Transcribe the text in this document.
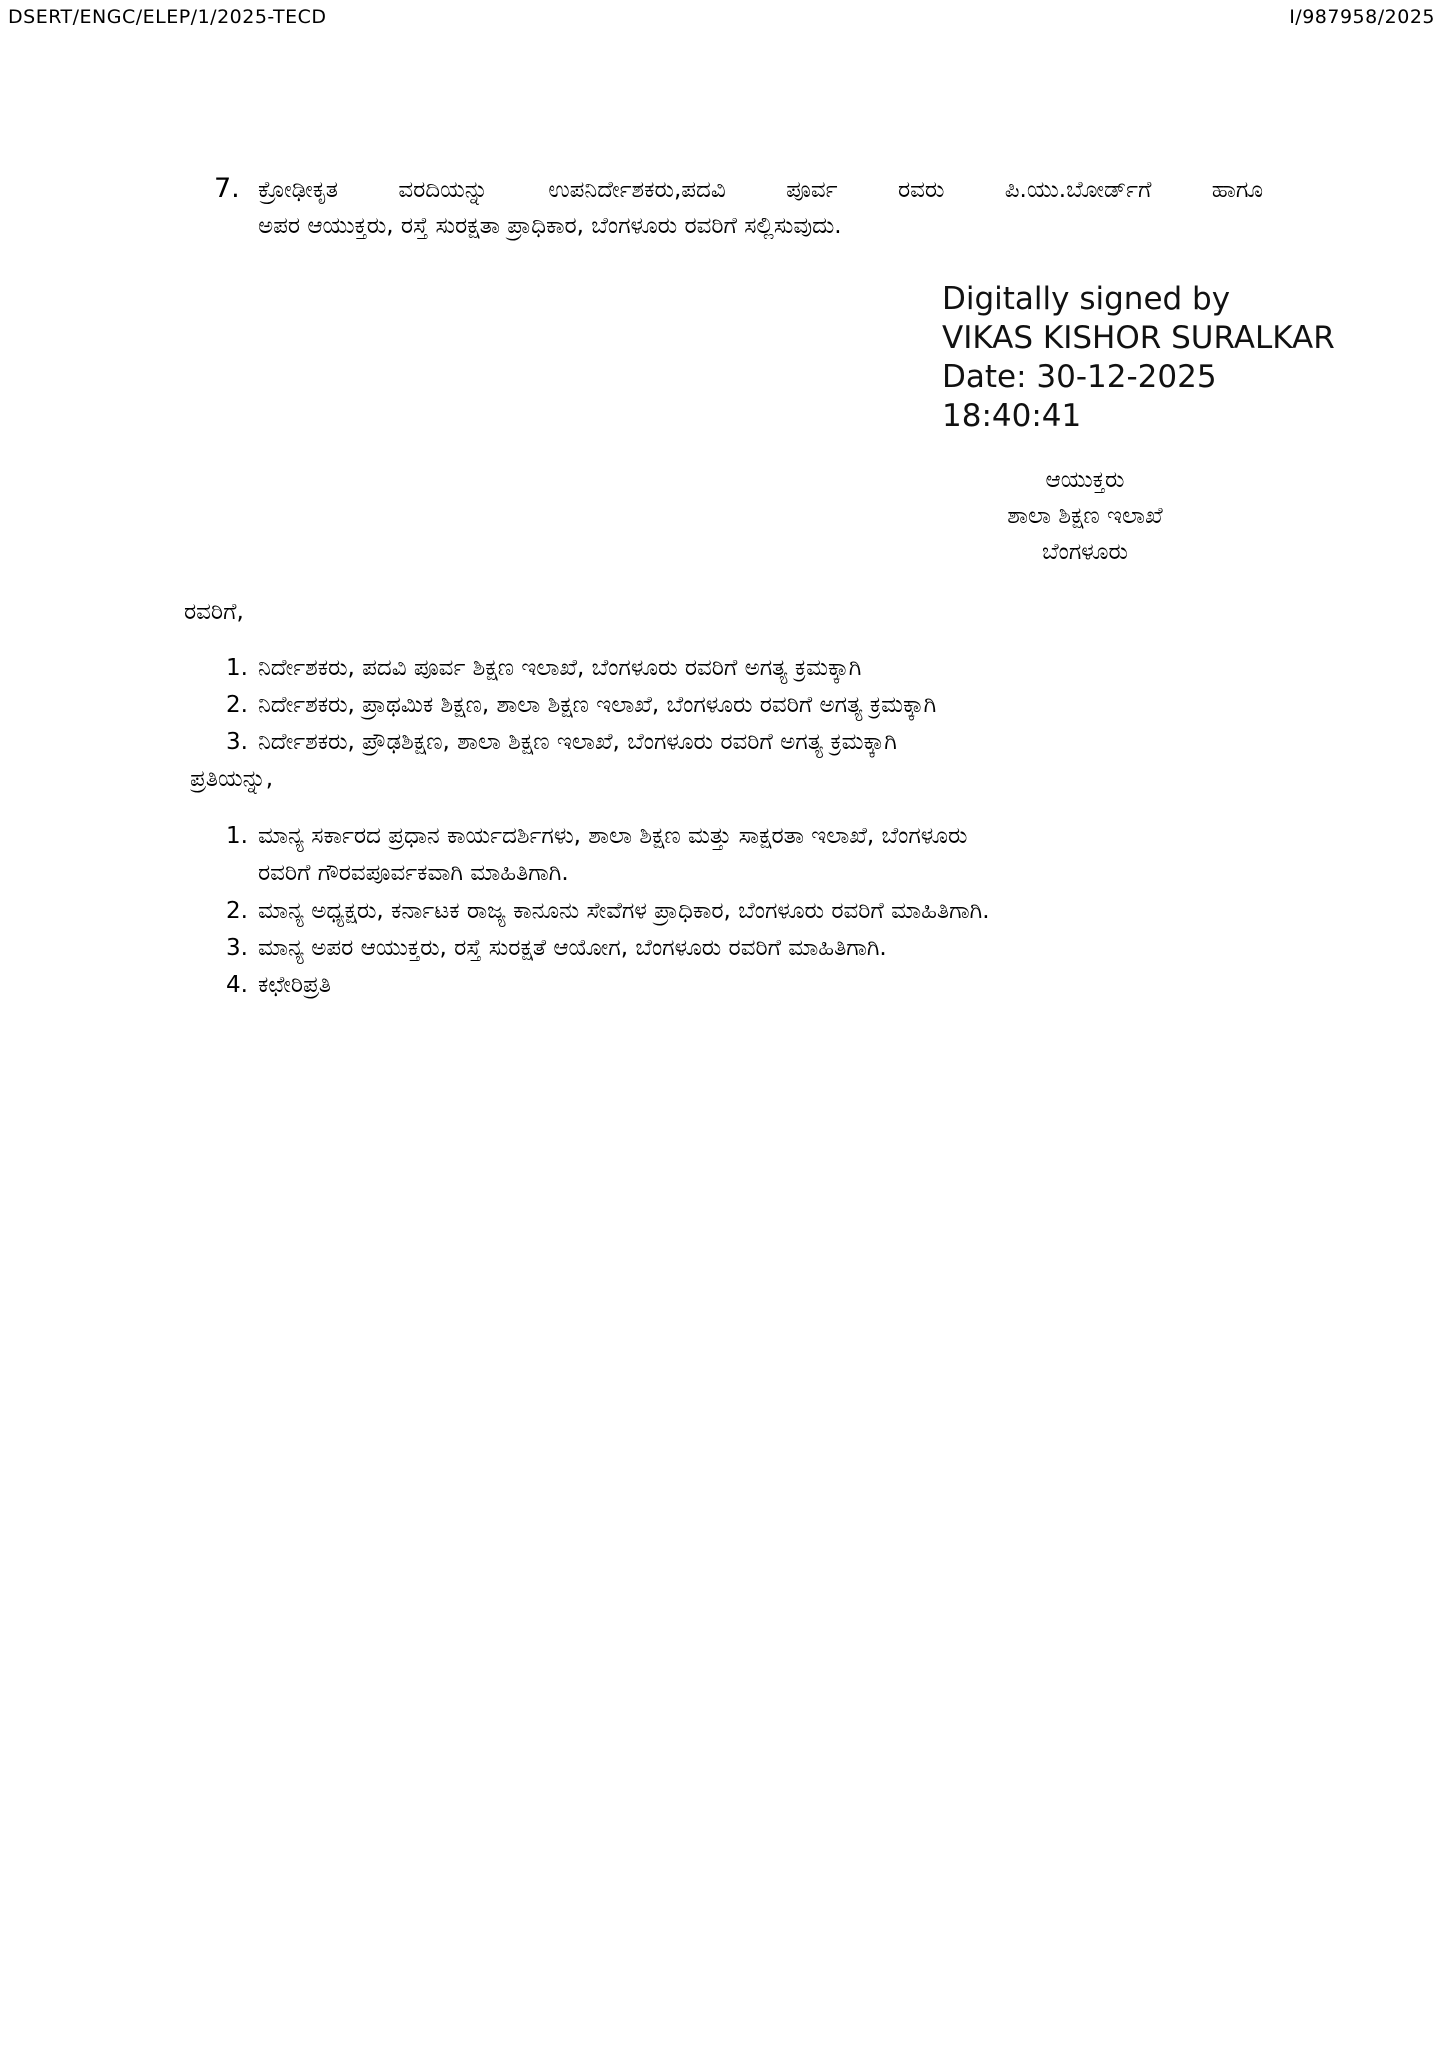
DSERT/ENGC/ELEP/1/2025-TECD	I/987958/2025
7. ಕ್ರೋಢೀಕೃತ ವರದಿಯನ್ನು ಉಪನಿರ್ದೇಶಕರು,ಪದವಿ ಪೂರ್ವ ರವರು ಪಿ.ಯು.ಬೋರ್ಡ್‌ಗೆ ಹಾಗೂ
ಅಪರ ಆಯುಕ್ತರು, ರಸ್ತೆ ಸುರಕ್ಷತಾ ಪ್ರಾಧಿಕಾರ, ಬೆಂಗಳೂರು ರವರಿಗೆ ಸಲ್ಲಿಸುವುದು.
Digitally signed by
VIKAS KISHOR SURALKAR
Date: 30-12-2025
18:40:41
ಆಯುಕ್ತರು
ಶಾಲಾ ಶಿಕ್ಷಣ ಇಲಾಖೆ
ಬೆಂಗಳೂರು
ರವರಿಗೆ,
1. ನಿರ್ದೇಶಕರು, ಪದವಿ ಪೂರ್ವ ಶಿಕ್ಷಣ ಇಲಾಖೆ, ಬೆಂಗಳೂರು ರವರಿಗೆ ಅಗತ್ಯ ಕ್ರಮಕ್ಕಾಗಿ
2. ನಿರ್ದೇಶಕರು, ಪ್ರಾಥಮಿಕ ಶಿಕ್ಷಣ, ಶಾಲಾ ಶಿಕ್ಷಣ ಇಲಾಖೆ, ಬೆಂಗಳೂರು ರವರಿಗೆ ಅಗತ್ಯ ಕ್ರಮಕ್ಕಾಗಿ
3. ನಿರ್ದೇಶಕರು, ಪ್ರೌಢಶಿಕ್ಷಣ, ಶಾಲಾ ಶಿಕ್ಷಣ ಇಲಾಖೆ, ಬೆಂಗಳೂರು ರವರಿಗೆ ಅಗತ್ಯ ಕ್ರಮಕ್ಕಾಗಿ
ಪ್ರತಿಯನ್ನು,
1. ಮಾನ್ಯ ಸರ್ಕಾರದ ಪ್ರಧಾನ ಕಾರ್ಯದರ್ಶಿಗಳು, ಶಾಲಾ ಶಿಕ್ಷಣ ಮತ್ತು ಸಾಕ್ಷರತಾ ಇಲಾಖೆ, ಬೆಂಗಳೂರು
ರವರಿಗೆ ಗೌರವಪೂರ್ವಕವಾಗಿ ಮಾಹಿತಿಗಾಗಿ.
2. ಮಾನ್ಯ ಅಧ್ಯಕ್ಷರು, ಕರ್ನಾಟಕ ರಾಜ್ಯ ಕಾನೂನು ಸೇವೆಗಳ ಪ್ರಾಧಿಕಾರ, ಬೆಂಗಳೂರು ರವರಿಗೆ ಮಾಹಿತಿಗಾಗಿ.
3. ಮಾನ್ಯ ಅಪರ ಆಯುಕ್ತರು, ರಸ್ತೆ ಸುರಕ್ಷತೆ ಆಯೋಗ, ಬೆಂಗಳೂರು ರವರಿಗೆ ಮಾಹಿತಿಗಾಗಿ.
4. ಕಛೇರಿಪ್ರತಿ
